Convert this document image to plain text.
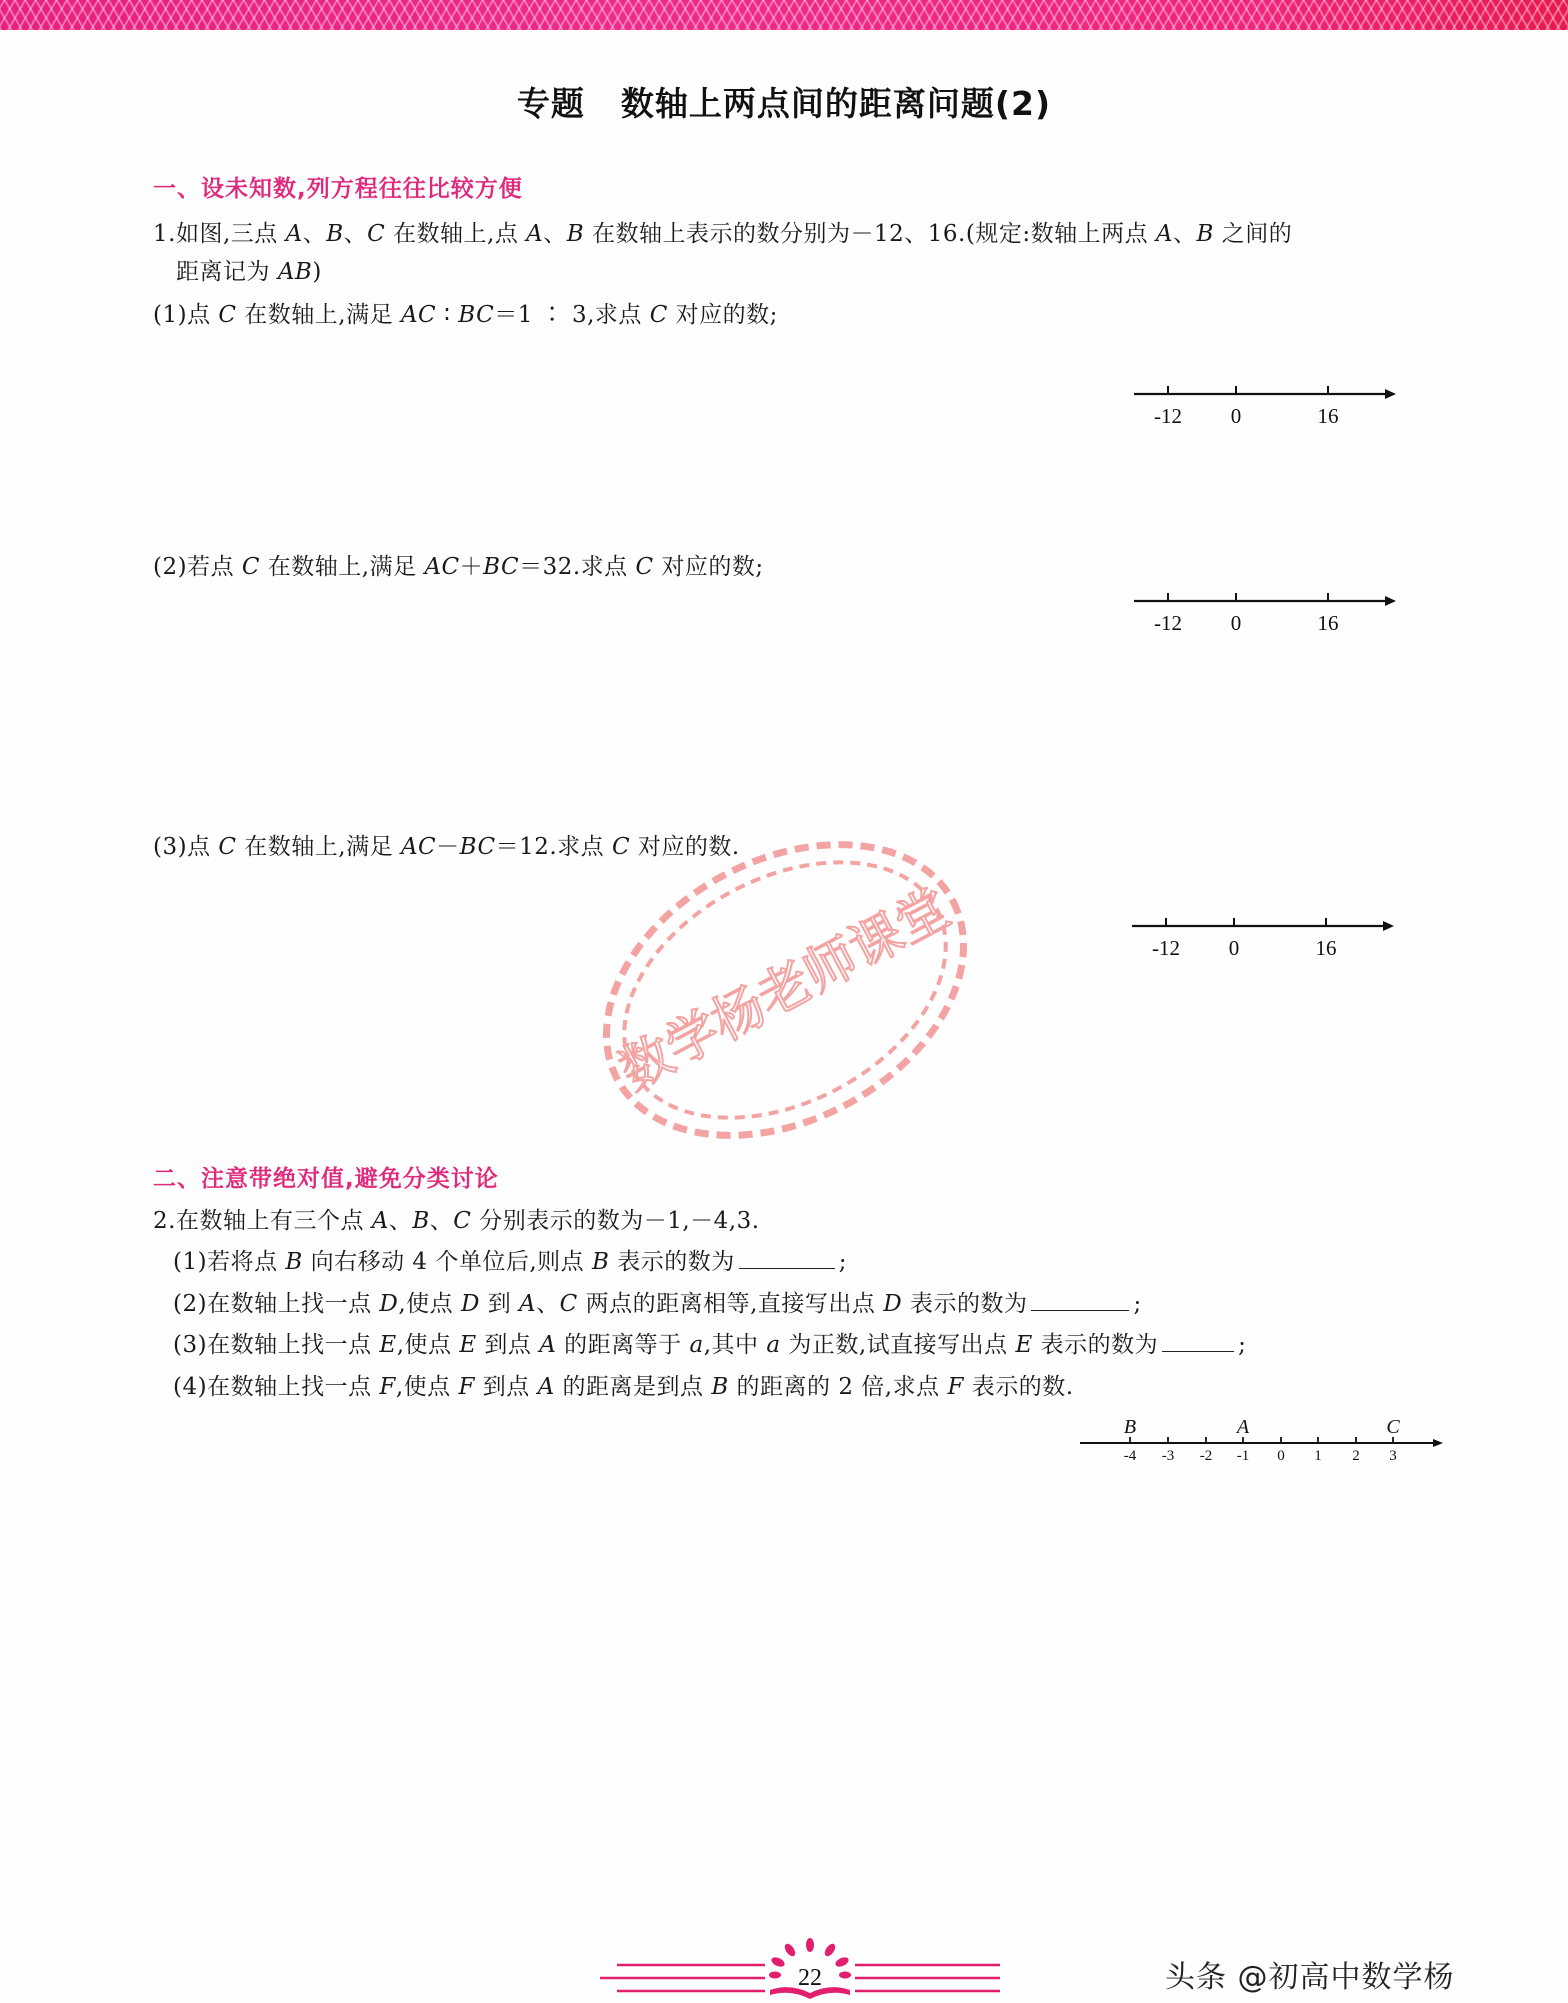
专题 数轴上两点间的距离问题(2)
一、设未知数,列方程往往比较方便
1.如图,三点 A、B、C 在数轴上,点 A、B 在数轴上表示的数分别为－12、16.(规定:数轴上两点 A、B 之间的
距离记为 AB)
(1)点 C 在数轴上,满足 AC ∶ BC＝1 ∶ 3,求点 C 对应的数;
-12 0	16
(2)若点 C 在数轴上,满足 AC＋BC＝32.求点 C 对应的数;
-12 0	16
(3)点 C 在数轴上,满足 AC－BC＝12.求点 C 对应的数.
-12 0	16
数学杨老师课堂
二、注意带绝对值,避免分类讨论
2.在数轴上有三个点 A、B、C 分别表示的数为－1,－4,3.
(1)若将点 B 向右移动 4 个单位后,则点 B 表示的数为	;
(2)在数轴上找一点 D,使点 D 到 A、C 两点的距离相等,直接写出点 D 表示的数为	;
(3)在数轴上找一点 E,使点 E 到点 A 的距离等于 a,其中 a 为正数,试直接写出点 E 表示的数为	;
(4)在数轴上找一点 F,使点 F 到点 A 的距离是到点 B 的距离的 2 倍,求点 F 表示的数.
B	A	C
-4 -3 -2 -1 0 1 2 3
22	头条 @初高中数学杨
